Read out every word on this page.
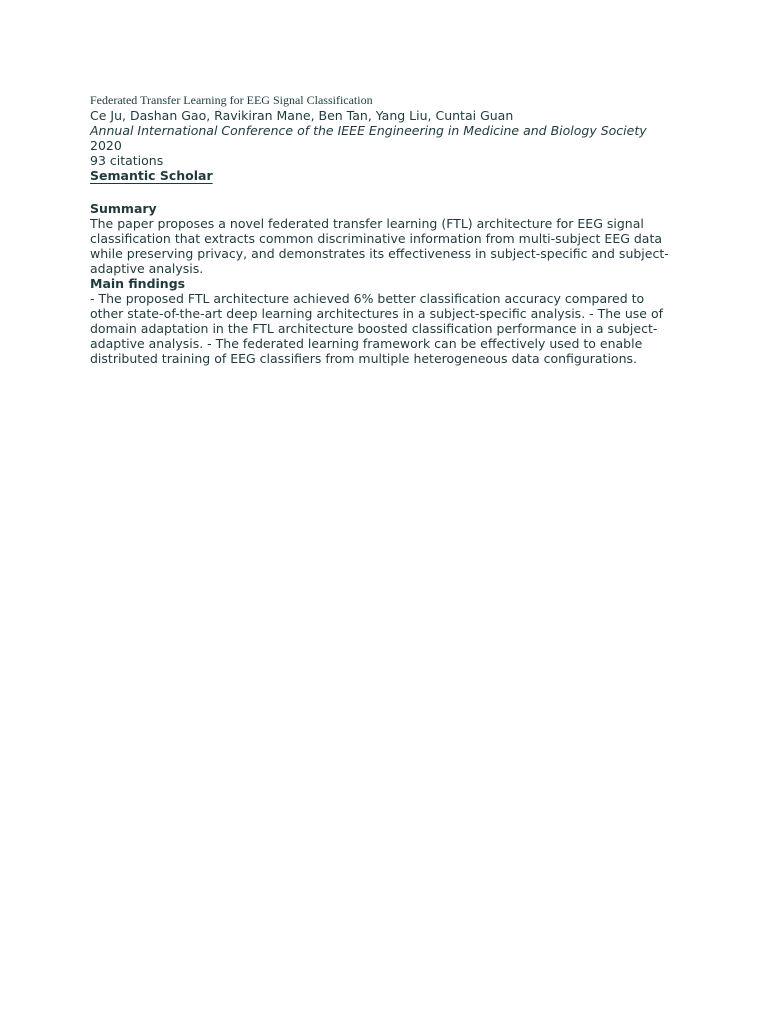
Federated Transfer Learning for EEG Signal Classification
Ce Ju, Dashan Gao, Ravikiran Mane, Ben Tan, Yang Liu, Cuntai Guan
Annual International Conference of the IEEE Engineering in Medicine and Biology Society
2020
93 citations
Semantic Scholar
Summary
The paper proposes a novel federated transfer learning (FTL) architecture for EEG signal classification that extracts common discriminative information from multi-subject EEG data while preserving privacy, and demonstrates its effectiveness in subject-specific and subject-adaptive analysis.
Main findings
- The proposed FTL architecture achieved 6% better classification accuracy compared to other state-of-the-art deep learning architectures in a subject-specific analysis. - The use of domain adaptation in the FTL architecture boosted classification performance in a subject-adaptive analysis. - The federated learning framework can be effectively used to enable distributed training of EEG classifiers from multiple heterogeneous data configurations.
